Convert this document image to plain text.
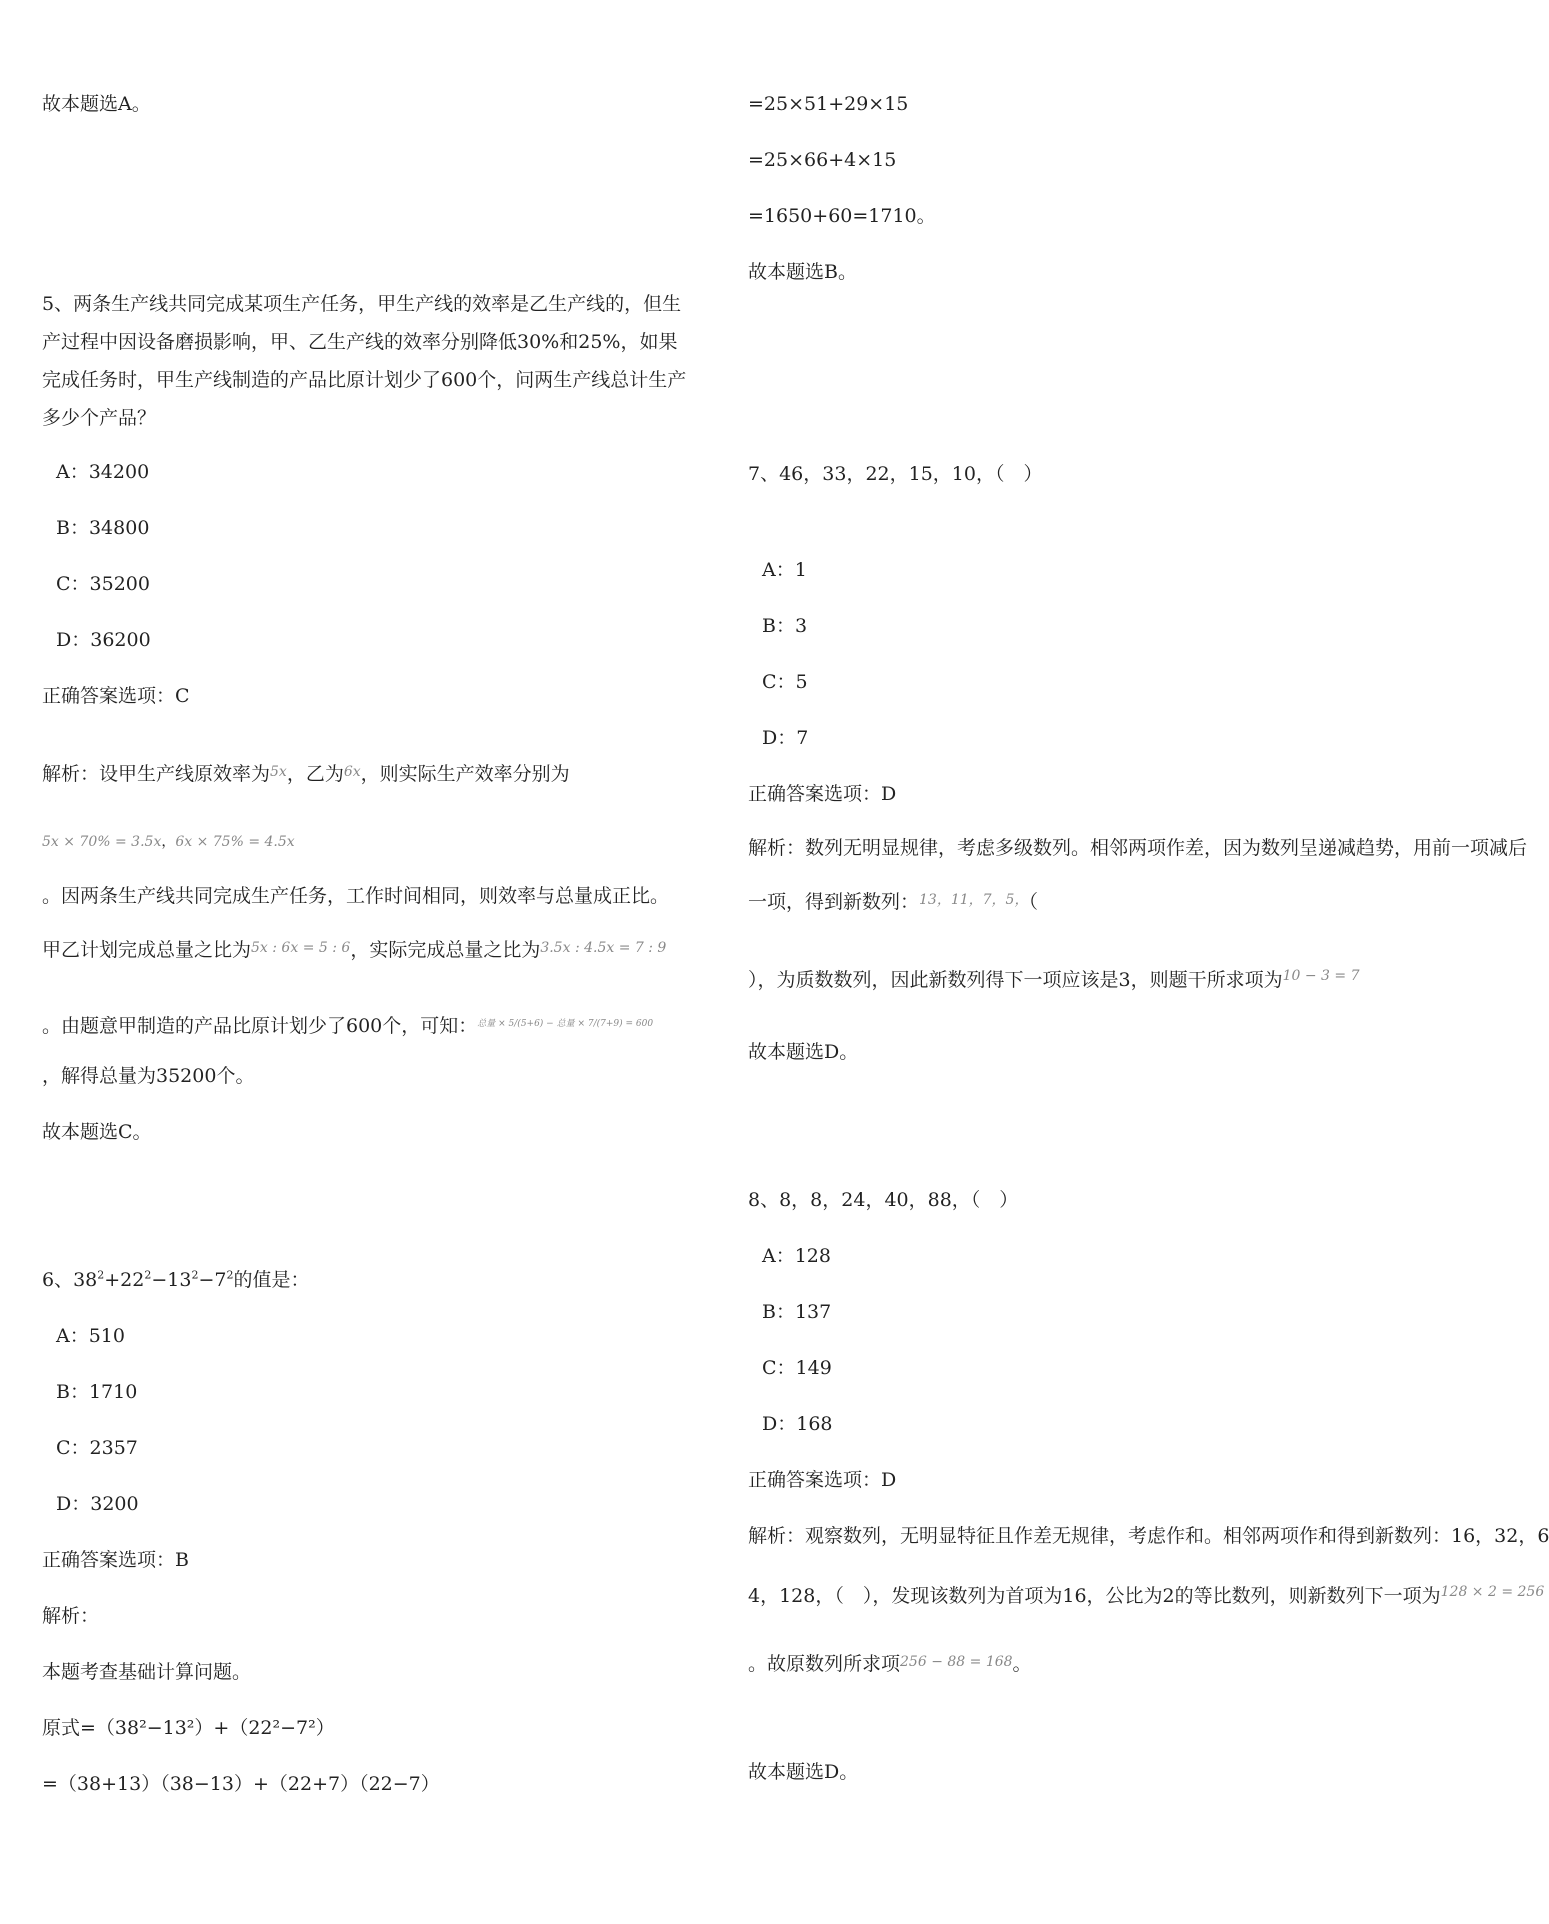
故本题选A。
5、两条生产线共同完成某项生产任务，甲生产线的效率是乙生产线的，但生
产过程中因设备磨损影响，甲、乙生产线的效率分别降低30%和25%，如果
完成任务时，甲生产线制造的产品比原计划少了600个，问两生产线总计生产
多少个产品？
A：34200
B：34800
C：35200
D：36200
正确答案选项：C
解析：设甲生产线原效率为$^{5x}$，乙为$^{6x}$，则实际生产效率分别为
5x × 70% = 3.5x，6x × 75% = 4.5x
。因两条生产线共同完成生产任务，工作时间相同，则效率与总量成正比。
甲乙计划完成总量之比为$^{5x : 6x = 5 : 6}$，实际完成总量之比为$^{3.5x : 4.5x = 7 : 9}$
。由题意甲制造的产品比原计划少了600个，可知：$^{总量 \times 5/(5+6) - 总量 \times 7/(7+9) = 600}$
，解得总量为35200个。
故本题选C。
6、$38^2+22^2-13^2-7^2$的值是：
A：510
B：1710
C：2357
D：3200
正确答案选项：B
解析：
本题考查基础计算问题。
原式=（38²−13²）+（22²−7²）
=（38+13）（38−13）+（22+7）（22−7）
=25×51+29×15
=25×66+4×15
=1650+60=1710。
故本题选B。
7、46，33，22，15，10，（　）
A：1
B：3
C：5
D：7
正确答案选项：D
解析：数列无明显规律，考虑多级数列。相邻两项作差，因为数列呈递减趋势，用前一项减后
一项，得到新数列：$^{13,11,7,5,}$（
），为质数数列，因此新数列得下一项应该是3，则题干所求项为$^{10 - 3 = 7}$
故本题选D。
8、8，8，24，40，88，（　）
A：128
B：137
C：149
D：168
正确答案选项：D
解析：观察数列，无明显特征且作差无规律，考虑作和。相邻两项作和得到新数列：16，32，6
4，128，（　），发现该数列为首项为16，公比为2的等比数列，则新数列下一项为$^{128 \times 2 = 256}$
。故原数列所求项$^{256 - 88 = 168}$。
故本题选D。
